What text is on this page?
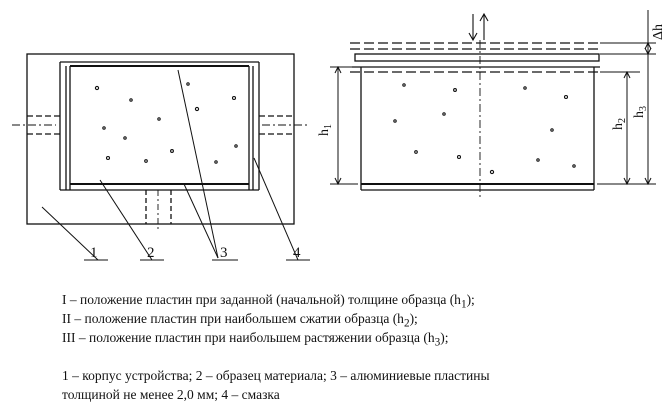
1	2	3	4
Δh
$h_1$	$h_2$
$h_3$
I – положение пластин при заданной (начальной) толщине образца $(h_1)$;
II – положение пластин при наибольшем сжатии образца $(h_2)$;
III – положение пластин при наибольшем растяжении образца $(h_3)$;
1 – корпус устройства; 2 – образец материала; 3 – алюминиевые пластины
толщиной не менее 2,0 мм; 4 – смазка
